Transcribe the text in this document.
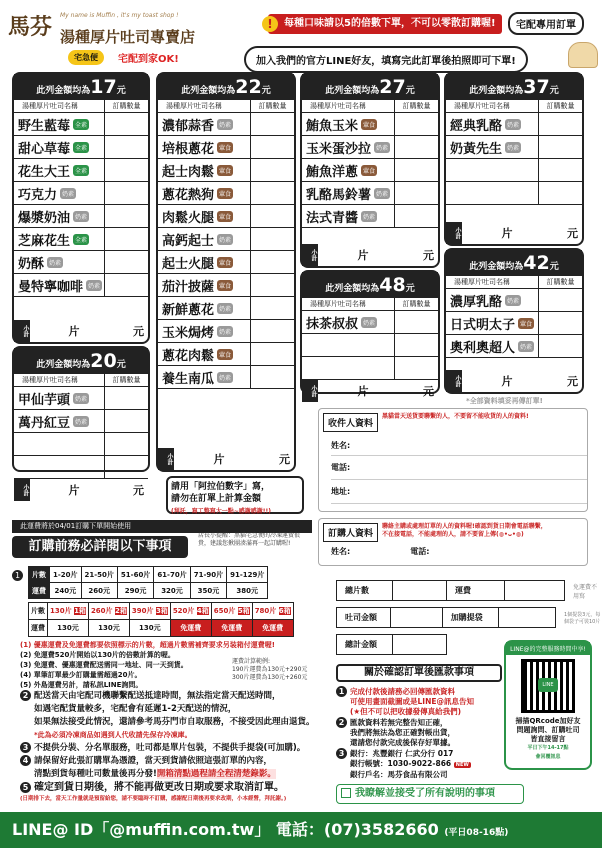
馬芬 My name is Muffin , it's my toast shop !
湯種厚片吐司專賣店
宅急便	宅配到家OK!
每種口味請以5的倍數下單，不可以零散訂購喔!
!	宅配專用訂單
加入我們的官方LINE好友，填寫完此訂單後拍照即可下單!
此列金額均為17元
湯種厚片吐司名稱	訂購數量
野生藍莓 全素
甜心草莓 全素
花生大王 全素
巧克力 奶素
爆漿奶油 奶素
芝麻花生 全素
奶酥 奶素
曼特寧咖啡 奶素
小計	片	元
此列金額均為20元
湯種厚片吐司名稱	訂購數量
甲仙芋頭 奶素
萬丹紅豆 奶素
小計	片	元
此列金額均為22元
湯種厚片吐司名稱	訂購數量
濃郁蒜香 奶素
培根蔥花 葷食
起士肉鬆 葷食
蔥花熱狗 葷食
肉鬆火腿 葷食
高鈣起士 奶素
起士火腿 葷食
茄汁披薩 葷食
新鮮蔥花 奶素
玉米焗烤 奶素
蔥花肉鬆 葷食
養生南瓜 奶素
小計	片	元
此列金額均為27元
湯種厚片吐司名稱	訂購數量
鮪魚玉米 葷食
玉米蛋沙拉 奶素
鮪魚洋蔥 葷食
乳酪馬鈴薯 奶素
法式青醬 奶素
小計	片	元
此列金額均為48元
湯種厚片吐司名稱	訂購數量
抹茶叔叔 奶素
小計	片	元
此列金額均為37元
湯種厚片吐司名稱	訂購數量
經典乳酪 奶素
奶黃先生 奶素
小計	片	元
此列金額均為42元
湯種厚片吐司名稱	訂購數量
濃厚乳酪 奶素
日式明太子 葷食
奧利奧超人 奶素
小計	片	元
請用「阿拉伯數字」寫，
請勿在訂單上計算金額
(拜託，寫工整寫大一點~感謝感謝!!)
此運費將於04/01訂購下單開始使用
訂購前務必詳閱以下事項
店長小提醒：黑貓宅急便的冷凍運費很貴，建議您揪團湊滿再一起訂購喔!
1	片數	1-20片	21-50片	51-60片	61-70片	71-90片	91-129片
運費	240元	260元	290元	320元	350元	380元
片數	130片 1箱	260片 2箱	390片 3箱	520片 4箱	650片 5箱	780片 6箱
運費	130元	130元	130元	免運費	免運費	免運費
(1) 優惠運費及免運費都要依照標示的片數，超過片數需補齊要求另装箱付運費喔!
(2) 免運費520片開始以130片的倍數計算的喔。
(3) 免運費、優惠運費配送需同一地址、同一天到貨。
(4) 單筆訂單最少訂購量需超過20片。
(5) 外島運費另計，請私訊LINE詢問。
運費計算範例:
190片運費為130元+290元
300片運費為130元+260元
2 配送當天由宅配司機聯繫配送抵達時間，無法指定當天配送時間，
如遇宅配貨量較多，宅配會有延遲1-2天配送的情況，
如果無法接受此情況，還請參考馬芬門市自取服務，不接受因此理由退貨。
*此為必須冷凍商品如遇到人代收請先保存冷凍庫。
3 不提供分裝、分名單服務，吐司都是單片包裝，不提供手提袋(可加購)。
4 請保留好此張訂購單為憑證，當天到貨請依照這張訂單的內容，
清點到貨每種吐司數量後再分發!開箱清點過程請全程清楚錄影。
5 確定到貨日期後，將不能再做更改日期或要求取消訂單。
(日期排下去，當天工作量就是預留給您，請不要臨時不訂購，感謝配日期後再要求改期，小本經營，拜託謝。)
*全部資料填妥再傳訂單!
收件人資料
黑貓當天送貨要聯繫的人，不要留不能收貨的人的資料!
姓名:
電話:
地址:
訂購人資料
聯絡主購或處理訂單的人的資料喔!確認到貨日期會電話聯繫，不在接電話，不能處理的人，請不要留上傳(◍•ᴗ•◍)
姓名:	電話:
總片數		運費		免運費不用寫
吐司金額		加購提袋		1個提袋3元，每個袋子可裝10片
總計金額	
關於確認訂單後匯款事項
1 完成付款後請務必回傳匯款資料
可使用畫面截圖或是LINE@訊息告知
(★但不可以把收據發傳真給我們)
2 匯款資料若無完整告知正確，
我們將無法為您正確對帳出貨，
還請您付款完成後保存好單據。
3 銀行：兆豐銀行 仁武分行 017
銀行帳號：1030-9022-866 NEW
銀行戶名：馬芬食品有限公司
我瞭解並接受了所有說明的事項
LINE@的完整服務時間中享!
LINE
掃描QRcode加好友
問題詢問、訂購吐司
皆直接留言
平日下午14-17點
會回覆訊息
LINE@ ID「@muffin.com.tw」 電話：(07)3582660 (平日08-16點)
